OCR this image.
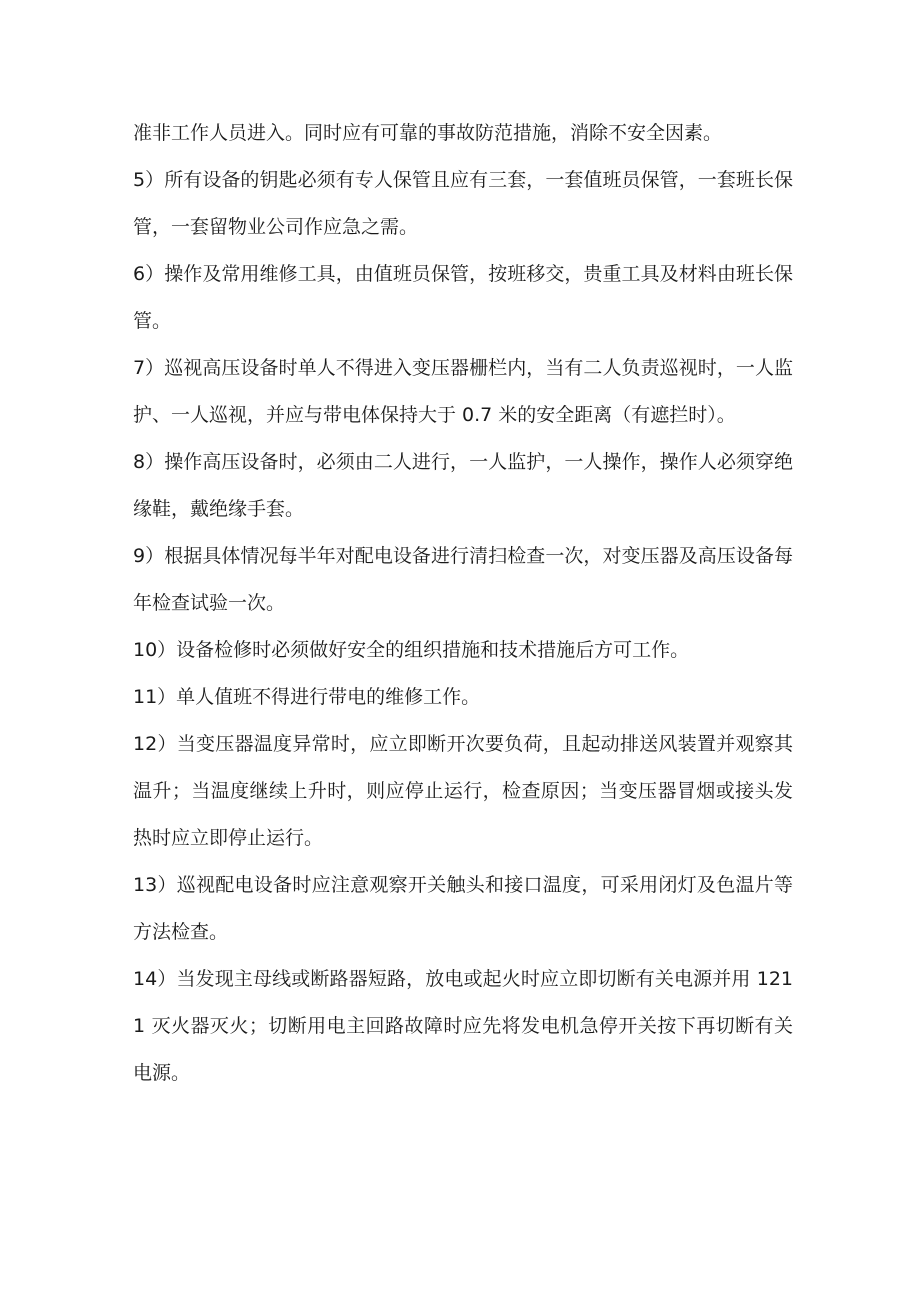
准非工作人员进入。同时应有可靠的事故防范措施，消除不安全因素。

5）所有设备的钥匙必须有专人保管且应有三套，一套值班员保管，一套班长保管，一套留物业公司作应急之需。

6）操作及常用维修工具，由值班员保管，按班移交，贵重工具及材料由班长保管。

7）巡视高压设备时单人不得进入变压器栅栏内，当有二人负责巡视时，一人监护、一人巡视，并应与带电体保持大于 0.7 米的安全距离（有遮拦时）。

8）操作高压设备时，必须由二人进行，一人监护，一人操作，操作人必须穿绝缘鞋，戴绝缘手套。

9）根据具体情况每半年对配电设备进行清扫检查一次，对变压器及高压设备每年检查试验一次。

10）设备检修时必须做好安全的组织措施和技术措施后方可工作。

11）单人值班不得进行带电的维修工作。

12）当变压器温度异常时，应立即断开次要负荷，且起动排送风装置并观察其温升；当温度继续上升时，则应停止运行，检查原因；当变压器冒烟或接头发热时应立即停止运行。

13）巡视配电设备时应注意观察开关触头和接口温度，可采用闭灯及色温片等方法检查。

14）当发现主母线或断路器短路，放电或起火时应立即切断有关电源并用 1211 灭火器灭火；切断用电主回路故障时应先将发电机急停开关按下再切断有关电源。
